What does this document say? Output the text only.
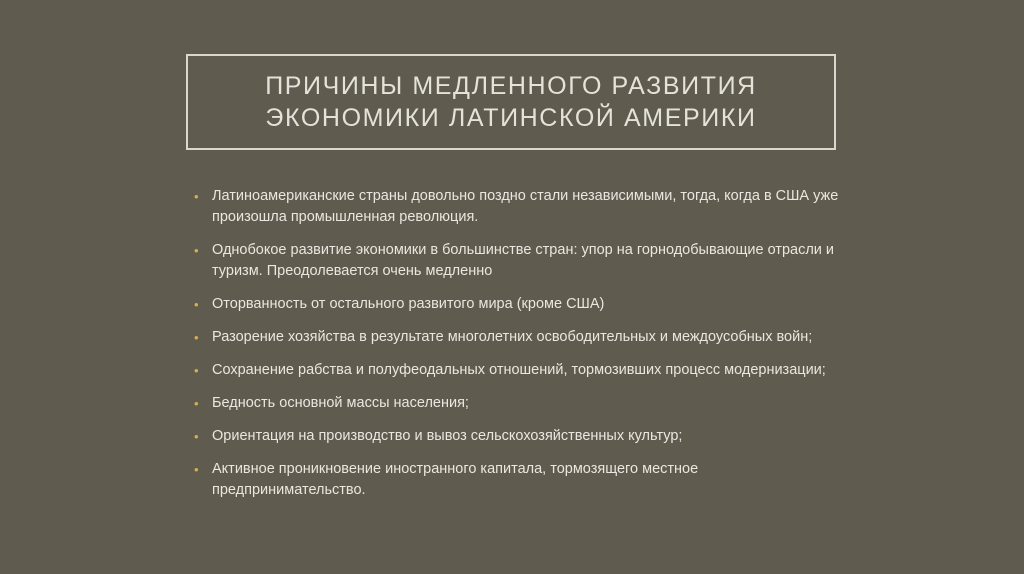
ПРИЧИНЫ МЕДЛЕННОГО РАЗВИТИЯ
ЭКОНОМИКИ ЛАТИНСКОЙ АМЕРИКИ
• Латиноамериканские страны довольно поздно стали независимыми, тогда, когда в США уже произошла промышленная революция.
• Однобокое развитие экономики в большинстве стран: упор на горнодобывающие отрасли и туризм. Преодолевается очень медленно
• Оторванность от остального развитого мира (кроме США)
• Разорение хозяйства в результате многолетних освободительных и междоусобных войн;
• Сохранение рабства и полуфеодальных отношений, тормозивших процесс модернизации;
• Бедность основной массы населения;
• Ориентация на производство и вывоз сельскохозяйственных культур;
• Активное проникновение иностранного капитала, тормозящего местное предпринимательство.
